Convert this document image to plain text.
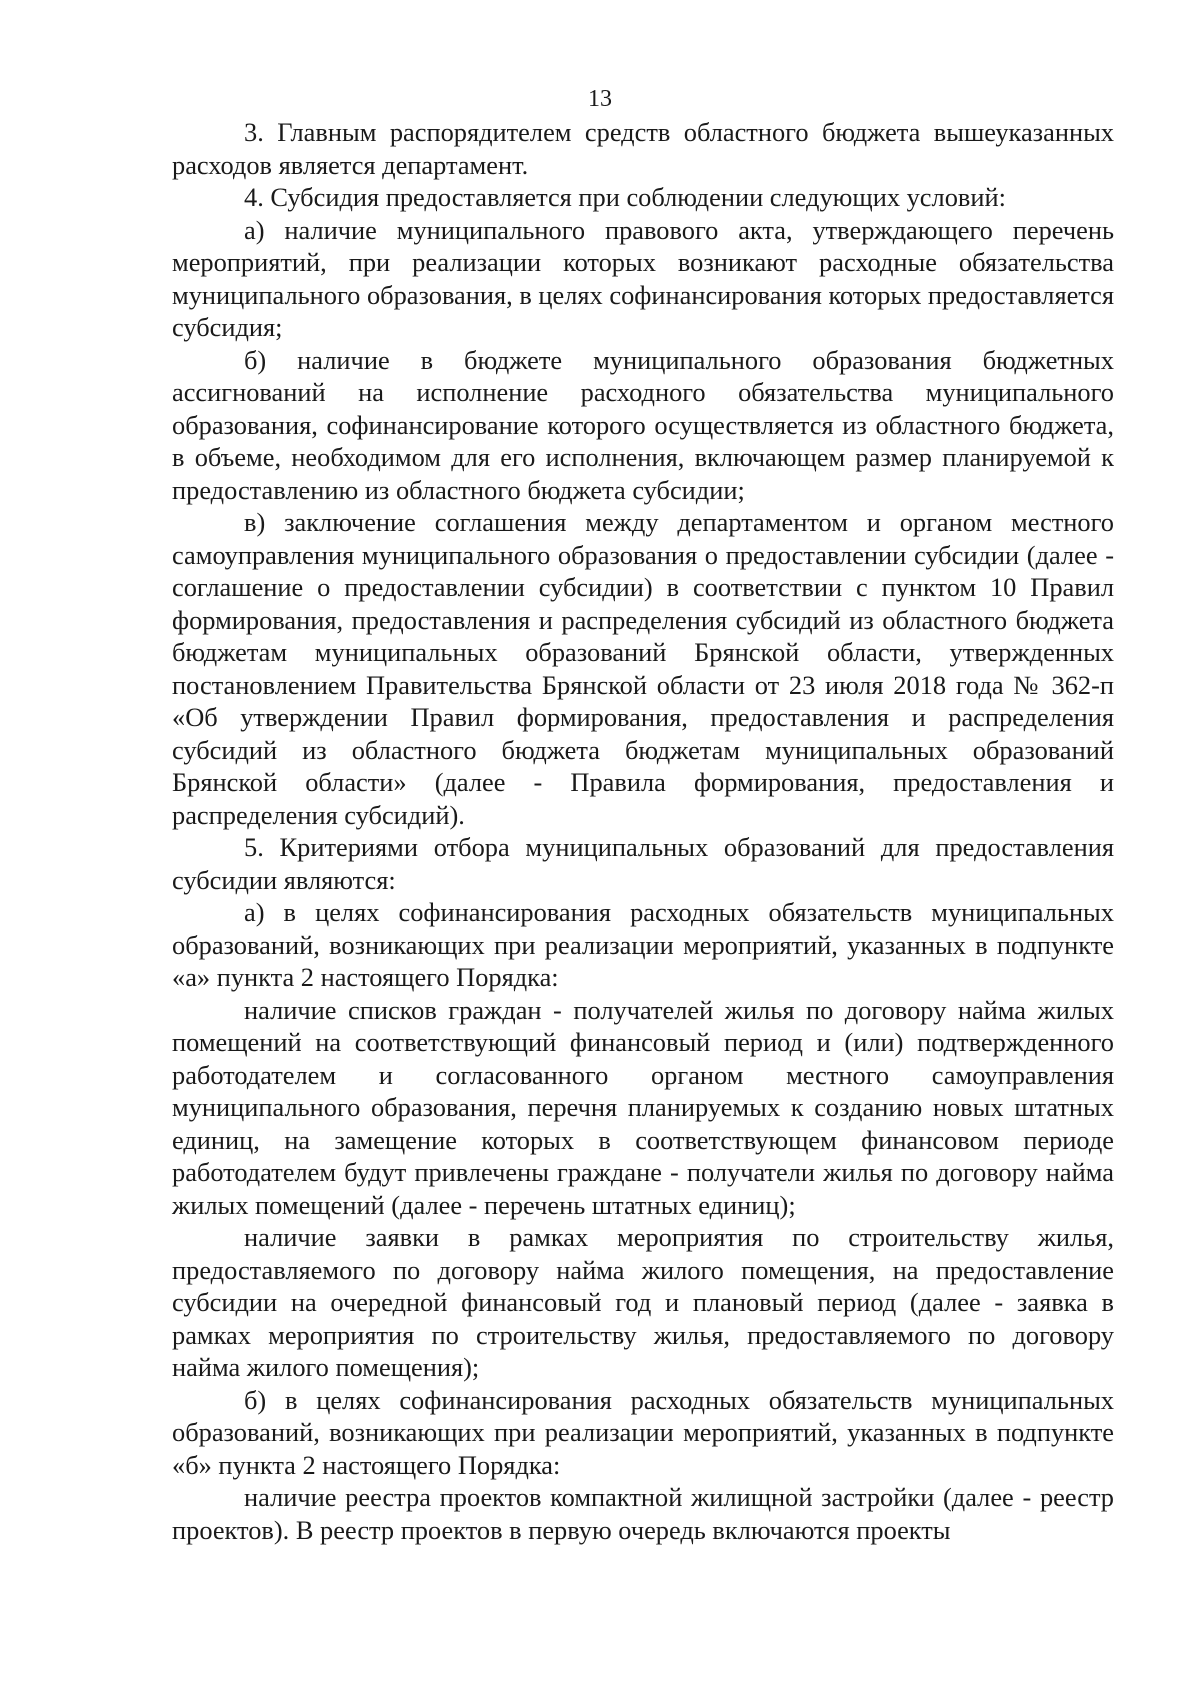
13

3. Главным распорядителем средств областного бюджета вышеуказанных расходов является департамент.

4. Субсидия предоставляется при соблюдении следующих условий:

а) наличие муниципального правового акта, утверждающего перечень мероприятий, при реализации которых возникают расходные обязательства муниципального образования, в целях софинансирования которых предоставляется субсидия;

б) наличие в бюджете муниципального образования бюджетных ассигнований на исполнение расходного обязательства муниципального образования, софинансирование которого осуществляется из областного бюджета, в объеме, необходимом для его исполнения, включающем размер планируемой к предоставлению из областного бюджета субсидии;

в) заключение соглашения между департаментом и органом местного самоуправления муниципального образования о предоставлении субсидии (далее - соглашение о предоставлении субсидии) в соответствии с пунктом 10 Правил формирования, предоставления и распределения субсидий из областного бюджета бюджетам муниципальных образований Брянской области, утвержденных постановлением Правительства Брянской области от 23 июля 2018 года № 362-п «Об утверждении Правил формирования, предоставления и распределения субсидий из областного бюджета бюджетам муниципальных образований Брянской области» (далее - Правила формирования, предоставления и распределения субсидий).

5. Критериями отбора муниципальных образований для предоставления субсидии являются:

а) в целях софинансирования расходных обязательств муниципальных образований, возникающих при реализации мероприятий, указанных в подпункте «а» пункта 2 настоящего Порядка:

наличие списков граждан - получателей жилья по договору найма жилых помещений на соответствующий финансовый период и (или) подтвержденного работодателем и согласованного органом местного самоуправления муниципального образования, перечня планируемых к созданию новых штатных единиц, на замещение которых в соответствующем финансовом периоде работодателем будут привлечены граждане - получатели жилья по договору найма жилых помещений (далее - перечень штатных единиц);

наличие заявки в рамках мероприятия по строительству жилья, предоставляемого по договору найма жилого помещения, на предоставление субсидии на очередной финансовый год и плановый период (далее - заявка в рамках мероприятия по строительству жилья, предоставляемого по договору найма жилого помещения);

б) в целях софинансирования расходных обязательств муниципальных образований, возникающих при реализации мероприятий, указанных в подпункте «б» пункта 2 настоящего Порядка:

наличие реестра проектов компактной жилищной застройки (далее - реестр проектов). В реестр проектов в первую очередь включаются проекты
